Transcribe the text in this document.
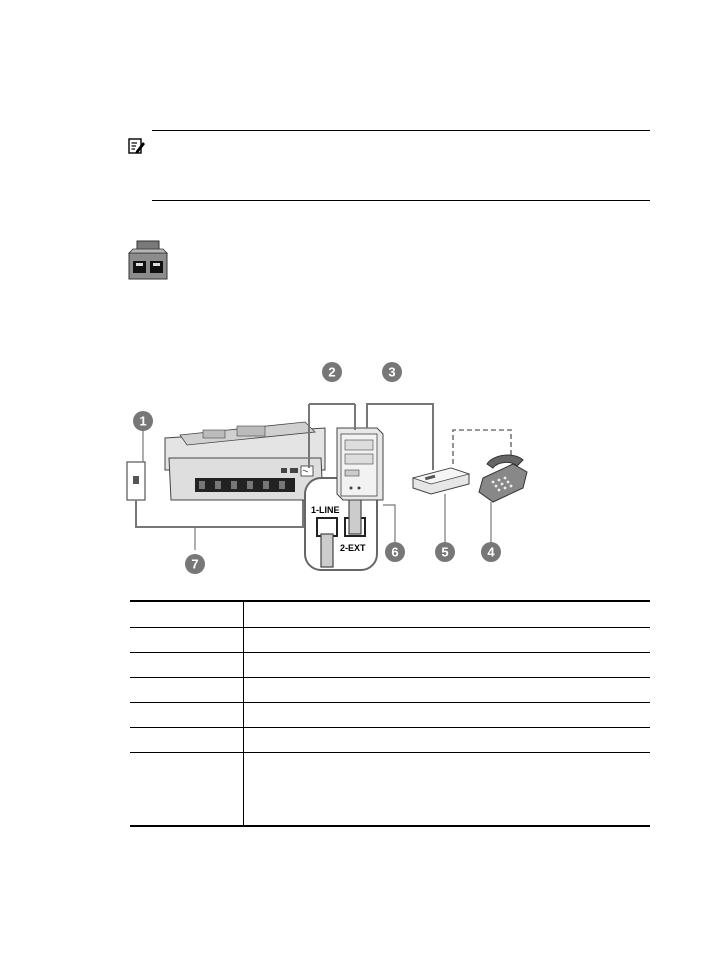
1-LINE
2-EXT
1
2	3
4
5
6
7
